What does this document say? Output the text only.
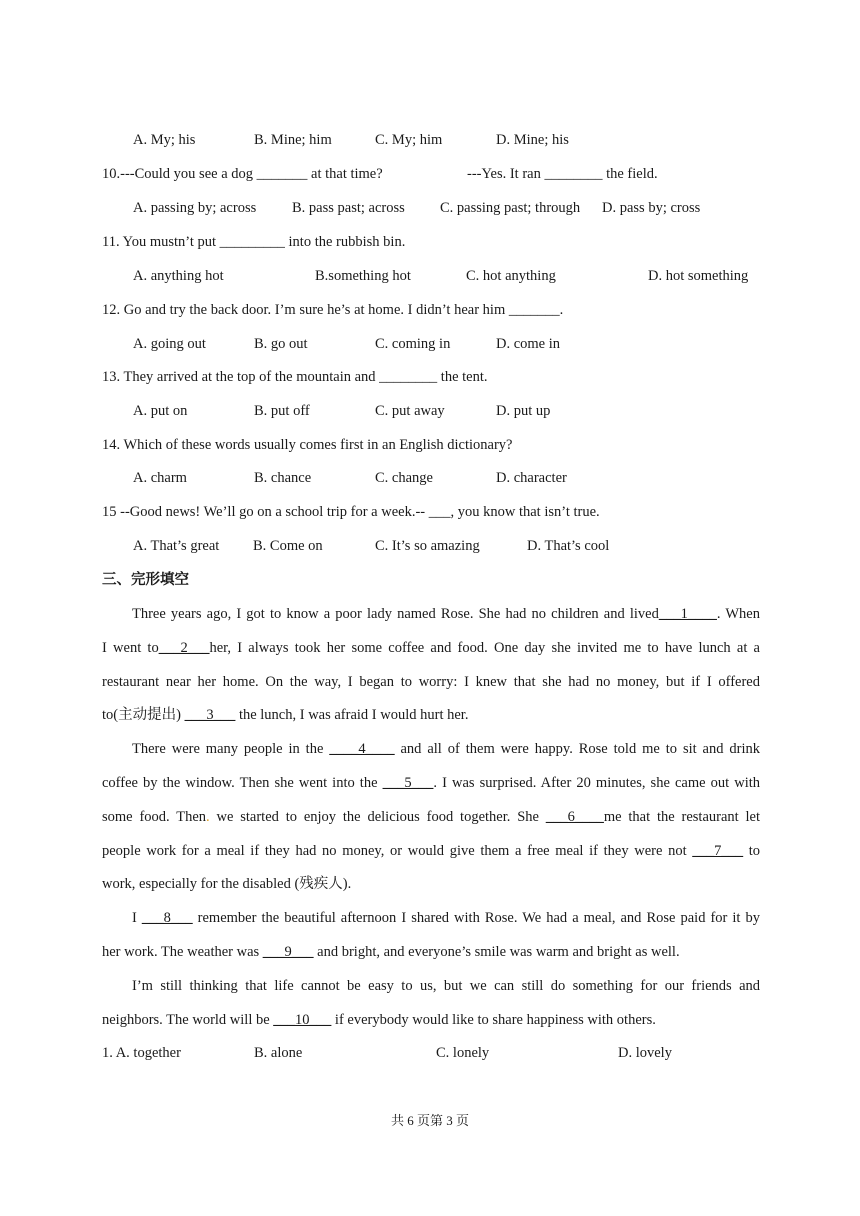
A. My; his	B. Mine; him	C. My; him	D. Mine; his
10.---Could you see a dog _______ at that time?	---Yes. It ran ________ the field.
A. passing by; across B. pass past; across C. passing past; through D. pass by; cross
11. You mustn’t put _________ into the rubbish bin.
A. anything hot	B.something hot	C. hot anything	D. hot something
12. Go and try the back door. I’m sure he’s at home. I didn’t hear him _______.
A. going out	B. go out	C. coming in	D. come in
13. They arrived at the top of the mountain and ________ the tent.
A. put on	B. put off	C. put away	D. put up
14. Which of these words usually comes first in an English dictionary?
A. charm	B. chance	C. change	D. character
15 --Good news! We’ll go on a school trip for a week.-- ___, you know that isn’t true.
A. That’s great B. Come on	C. It’s so amazing	D. That’s cool
三、完形填空
Three years ago, I got to know a poor lady named Rose. She had no children and lived___1____. When
I went to___2___her, I always took her some coffee and food. One day she invited me to have lunch at a
restaurant near her home. On the way, I began to worry: I knew that she had no money, but if I offered
to(主动提出) ___3___ the lunch, I was afraid I would hurt her.
There were many people in the ____4____ and all of them were happy. Rose told me to sit and drink
coffee by the window. Then she went into the ___5___. I was surprised. After 20 minutes, she came out with
some food. Then. we started to enjoy the delicious food together. She ___6____me that the restaurant let
people work for a meal if they had no money, or would give them a free meal if they were not ___7___ to
work, especially for the disabled (残疾人).
I ___8___ remember the beautiful afternoon I shared with Rose. We had a meal, and Rose paid for it by
her work. The weather was ___9___ and bright, and everyone’s smile was warm and bright as well.
I’m still thinking that life cannot be easy to us, but we can still do something for our friends and
neighbors. The world will be ___10___ if everybody would like to share happiness with others.
1. A. together	B. alone	C. lonely	D. lovely
共 6 页第 3 页
